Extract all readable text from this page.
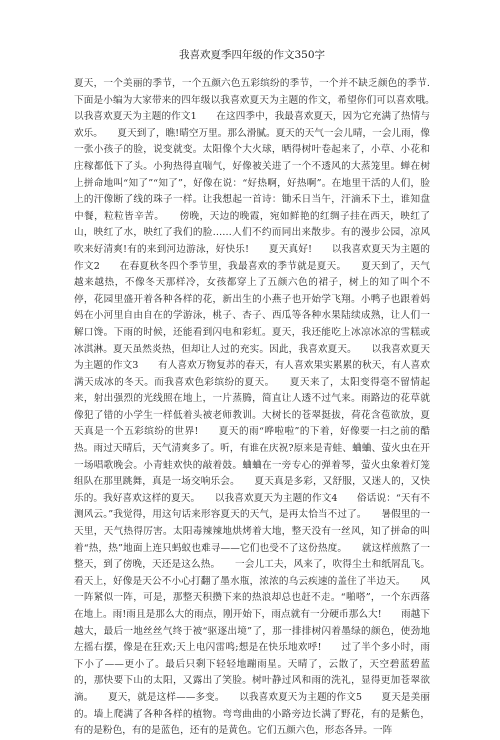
我喜欢夏季四年级的作文350字

夏天，一个美丽的季节，一个五颜六色五彩缤纷的季节，一个并不缺乏颜色的季节.下面是小编为大家带来的四年级以我喜欢夏天为主题的作文，希望你们可以喜欢哦。　　以我喜欢夏天为主题的作文1　　在这四季中，我最喜欢夏天，因为它充满了热情与欢乐。　　夏天到了，瞧!晴空万里。那么滑腻。夏天的天气一会儿晴，一会儿雨，像一张小孩子的脸，说变就变。太阳像个大火球，晒得树叶卷起来了，小草、小花和庄稼都低下了头。小狗热得直喘气，好像被关进了一个不透风的大蒸笼里。蝉在树上拼命地叫“知了”“知了”，好像在说：“好热啊，好热啊”。在地里干活的人们，脸上的汗像断了线的珠子一样。让我想起一首诗：锄禾日当午，汗滴禾下土，谁知盘中餐，粒粒皆辛苦。　　傍晚，天边的晚霞，宛如鲜艳的红绸子挂在西天，映红了山，映红了水，映红了我们的脸……人们不约而同出来散步。有的漫步公园，凉风吹来好清爽!有的来到河边游泳，好快乐!　　夏天真好!　　以我喜欢夏天为主题的作文2　　在春夏秋冬四个季节里，我最喜欢的季节就是夏天。　　夏天到了，天气越来越热，不像冬天那样冷，女孩都穿上了五颜六色的裙子，树上的知了叫个不停，花园里盛开着各种各样的花，新出生的小燕子也开始学飞翔。小鸭子也跟着妈妈在小河里自由自在的学游泳，桃子、杏子、西瓜等各种水果陆续成熟，让人们一解口馋。下雨的时候，还能看到闪电和彩虹。夏天，我还能吃上冰凉冰凉的雪糕或冰淇淋。夏天虽然炎热，但却让人过的充实。因此，我喜欢夏天。　　以我喜欢夏天为主题的作文3　　有人喜欢万物复苏的春天，有人喜欢果实累累的秋天，有人喜欢满天成冰的冬天。而我喜欢色彩缤纷的夏天。　　夏天来了，太阳变得毫不留情起来，射出强烈的光线照在地上，一片蒸腾，简直让人透不过气来。雨路边的花草就像犯了错的小学生一样低着头被老师教训。大树长的苍翠挺拔，荷花含苞欲放，夏天真是一个五彩缤纷的世界!　　夏天的雨“哗啦啦”的下着，好像要一扫之前的酷热。雨过天晴后，天气清爽多了。听，有谁在庆祝?原来是青蛙、蛐蛐、萤火虫在开一场唱歌晚会。小青蛙欢快的敲着鼓。蛐蛐在一旁专心的弹着琴，萤火虫象着灯笼组队在那里跳舞，真是一场交响乐会。　　夏天真是多彩，又舒服，又迷人的，又快乐的。我好喜欢这样的夏天。　　以我喜欢夏天为主题的作文4　　俗话说：“天有不测风云。”我觉得，用这句话来形容夏天的天气，是再太恰当不过了。　　暑假里的一天里，天气热得厉害。太阳毒辣辣地烘烤着大地，整天没有一丝风，知了拼命的叫着“热，热”地面上连只蚂蚁也难寻——它们也受不了这份热度。　　就这样煎熬了一整天，到了傍晚，天还是这么热。　　一会儿工夫，风来了，吹得尘土和纸屑乱飞。看天上，好像是天公不小心打翻了墨水瓶，浓浓的乌云疾速的盖住了半边天。　　风一阵紧似一阵，可是，那整天积攒下来的热浪却总也赶不走。“啪嗒”，一个东西落在地上。雨!雨且是那么大的雨点，刚开始下，雨点就有一分硬币那么大!　　雨越下越大，最后一地丝丝气终于被“驱逐出境”了，那一排排树闪着墨绿的颜色，使劲地左摇右摆，像是在狂欢;天上电闪雷鸣;想是在快乐地欢呼!　　过了半个多小时，雨下小了——更小了。最后只剩下轻轻地蹦雨星。天晴了，云散了，天空碧蓝碧蓝的，那快要下山的太阳，又露出了笑脸。树叶静过风和雨的洗礼，显得更加苍翠欲滴。　　夏天，就是这样——多变。　　以我喜欢夏天为主题的作文5　　夏天是美丽的。墙上爬满了各种各样的植物。弯弯曲曲的小路旁边长满了野花，有的是紫色，有的是粉色，有的是蓝色，还有的是黄色。它们五颜六色，形态各异。一阵
